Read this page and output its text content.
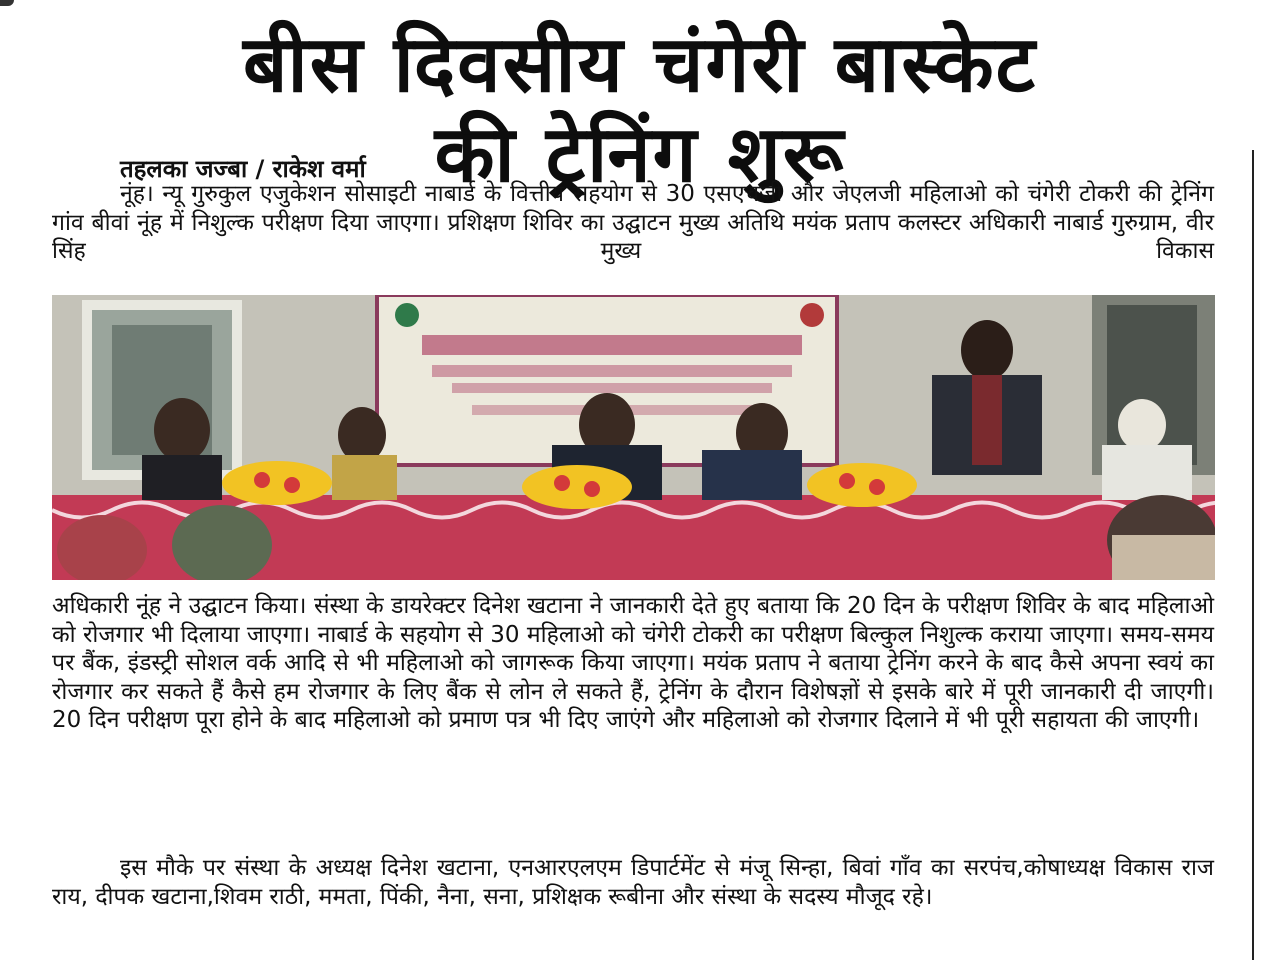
बीस दिवसीय चंगेरी बास्केट
की ट्रेनिंग शुरू
तहलका जज्बा / राकेश वर्मा

नूंह। न्यू गुरुकुल एजुकेशन सोसाइटी नाबार्ड के वित्तीय सहयोग से 30 एसएचजी और जेएलजी महिलाओ को चंगेरी टोकरी की ट्रेनिंग गांव बीवां नूंह में निशुल्क परीक्षण दिया जाएगा। प्रशिक्षण शिविर का उद्घाटन मुख्य अतिथि मयंक प्रताप कलस्टर अधिकारी नाबार्ड गुरुग्राम, वीर सिंह मुख्य विकास

अधिकारी नूंह ने उद्घाटन किया। संस्था के डायरेक्टर दिनेश खटाना ने जानकारी देते हुए बताया कि 20 दिन के परीक्षण शिविर के बाद महिलाओ को रोजगार भी दिलाया जाएगा। नाबार्ड के सहयोग से 30 महिलाओ को चंगेरी टोकरी का परीक्षण बिल्कुल निशुल्क कराया जाएगा। समय-समय पर बैंक, इंडस्ट्री सोशल वर्क आदि से भी महिलाओ को जागरूक किया जाएगा। मयंक प्रताप ने बताया ट्रेनिंग करने के बाद कैसे अपना स्वयं का रोजगार कर सकते हैं कैसे हम रोजगार के लिए बैंक से लोन ले सकते हैं, ट्रेनिंग के दौरान विशेषज्ञों से इसके बारे में पूरी जानकारी दी जाएगी। 20 दिन परीक्षण पूरा होने के बाद महिलाओ को प्रमाण पत्र भी दिए जाएंगे और महिलाओ को रोजगार दिलाने में भी पूरी सहायता की जाएगी।

इस मौके पर संस्था के अध्यक्ष दिनेश खटाना, एनआरएलएम डिपार्टमेंट से मंजू सिन्हा, बिवां गाँव का सरपंच,कोषाध्यक्ष विकास राज राय, दीपक खटाना,शिवम राठी, ममता, पिंकी, नैना, सना, प्रशिक्षक रूबीना और संस्था के सदस्य मौजूद रहे।
